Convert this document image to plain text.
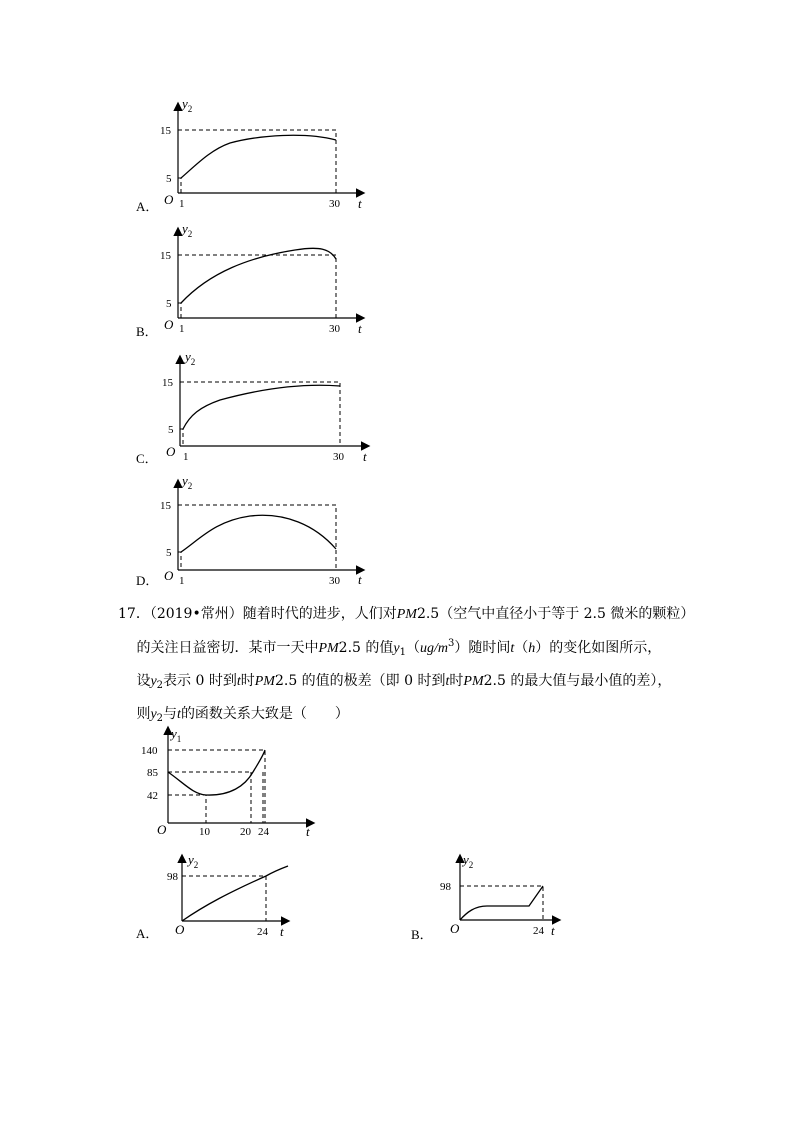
$y_2$
15
5
O 1	30 t
A．
$y_2$
15
5
O 1	30 t
B．
$y_2$
15
5
O 1	30 t
C．
$y_2$
15
5
O 1	30 t
D．

17．（2019•常州）随着时代的进步，人们对PM2.5（空气中直径小于等于 2.5 微米的颗粒）

　 的关注日益密切．某市一天中PM2.5 的值$y_1(ug/m^3)$随时间t（h）的变化如图所示，

　 设$y_2$表示 0 时到t时PM2.5 的值的极差（即 0 时到t时PM2.5 的最大值与最小值的差），

　 则$y_2$与t的函数关系大致是（　　）

$y_1$
140
85
42
O	10	20 24	t
$y_2$
98
O	24 t
A．
$y_2$
98
O	24 t
B．
